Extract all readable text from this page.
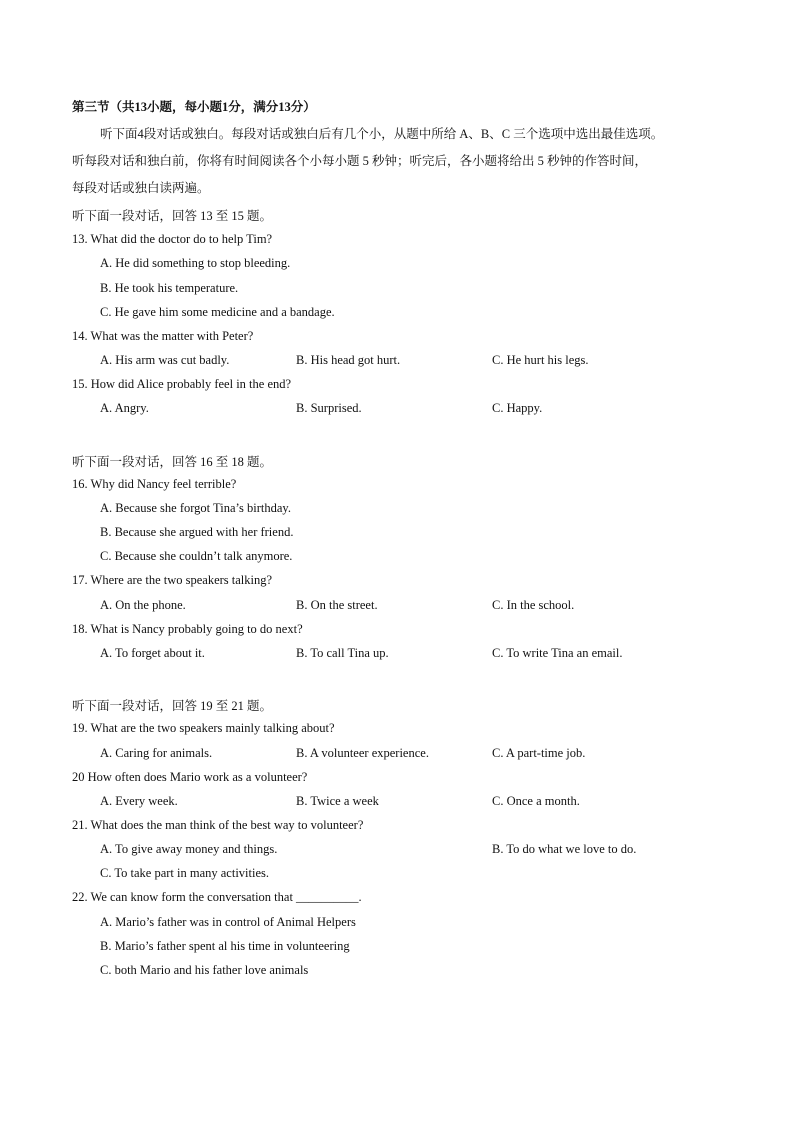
第三节（共13小题，每小题1分，满分13分）
听下面4段对话或独白。每段对话或独白后有几个小，从题中所给 A、B、C 三个选项中选出最佳选项。
听每段对话和独白前，你将有时间阅读各个小每小题 5 秒钟；听完后，各小题将给出 5 秒钟的作答时间，
每段对话或独白读两遍。
听下面一段对话，回答 13 至 15 题。
13. What did the doctor do to help Tim?
A. He did something to stop bleeding.
B. He took his temperature.
C. He gave him some medicine and a bandage.
14. What was the matter with Peter?
A. His arm was cut badly.	B. His head got hurt.	C. He hurt his legs.
15. How did Alice probably feel in the end?
A. Angry.	B. Surprised.	C. Happy.
听下面一段对话，回答 16 至 18 题。
16. Why did Nancy feel terrible?
A. Because she forgot Tina’s birthday.
B. Because she argued with her friend.
C. Because she couldn’t talk anymore.
17. Where are the two speakers talking?
A. On the phone.	B. On the street.	C. In the school.
18. What is Nancy probably going to do next?
A. To forget about it.	B. To call Tina up.	C. To write Tina an email.
听下面一段对话，回答 19 至 21 题。
19. What are the two speakers mainly talking about?
A. Caring for animals.	B. A volunteer experience.	C. A part-time job.
20 How often does Mario work as a volunteer?
A. Every week.	B. Twice a week	C. Once a month.
21. What does the man think of the best way to volunteer?
A. To give away money and things.	B. To do what we love to do.
C. To take part in many activities.
22. We can know form the conversation that __________.
A. Mario’s father was in control of Animal Helpers
B. Mario’s father spent al his time in volunteering
C. both Mario and his father love animals
